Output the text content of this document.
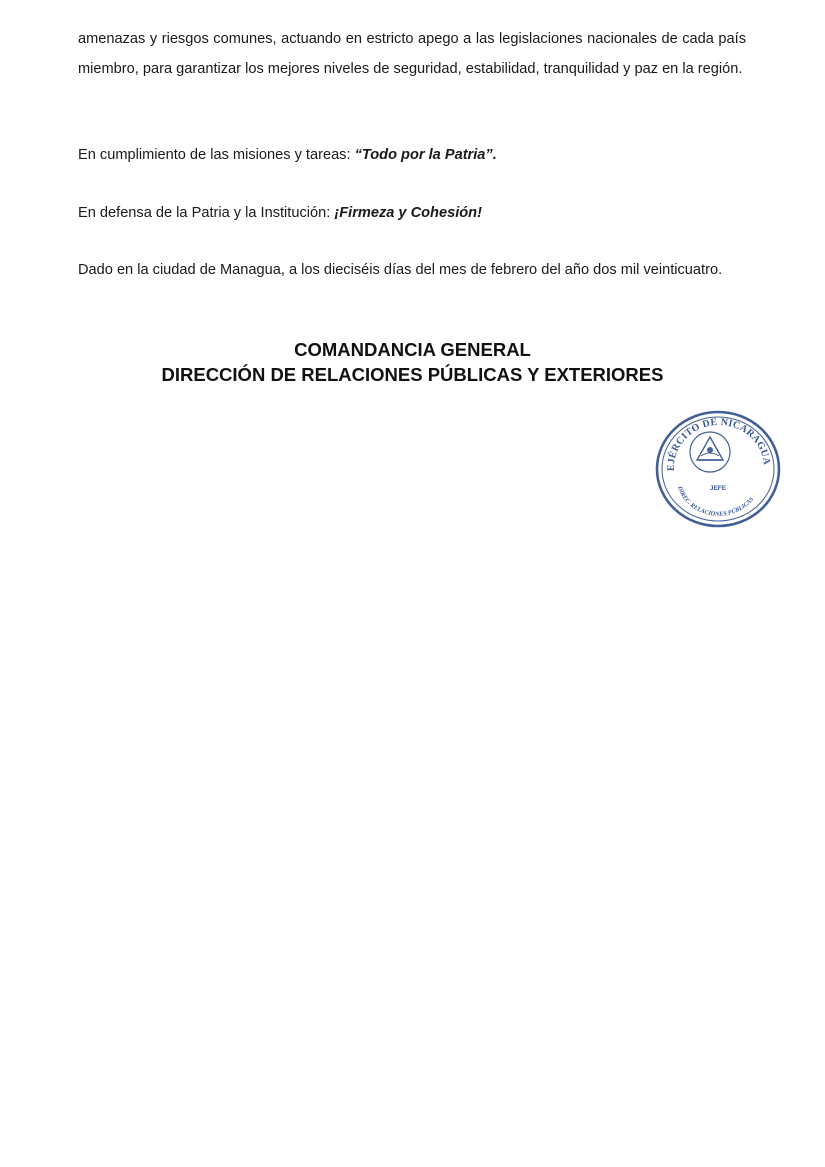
amenazas y riesgos comunes, actuando en estricto apego a las legislaciones nacionales de cada país miembro, para garantizar los mejores niveles de seguridad, estabilidad, tranquilidad y paz en la región.

En cumplimiento de las misiones y tareas: “Todo por la Patria”.

En defensa de la Patria y la Institución: ¡Firmeza y Cohesión!

Dado en la ciudad de Managua, a los dieciséis días del mes de febrero del año dos mil veinticuatro.

COMANDANCIA GENERAL

DIRECCIÓN DE RELACIONES PÚBLICAS Y EXTERIORES

EJÉRCITO DE NICARAGUA
DIREC. RELACIONES PÚBLICAS
JEFE
